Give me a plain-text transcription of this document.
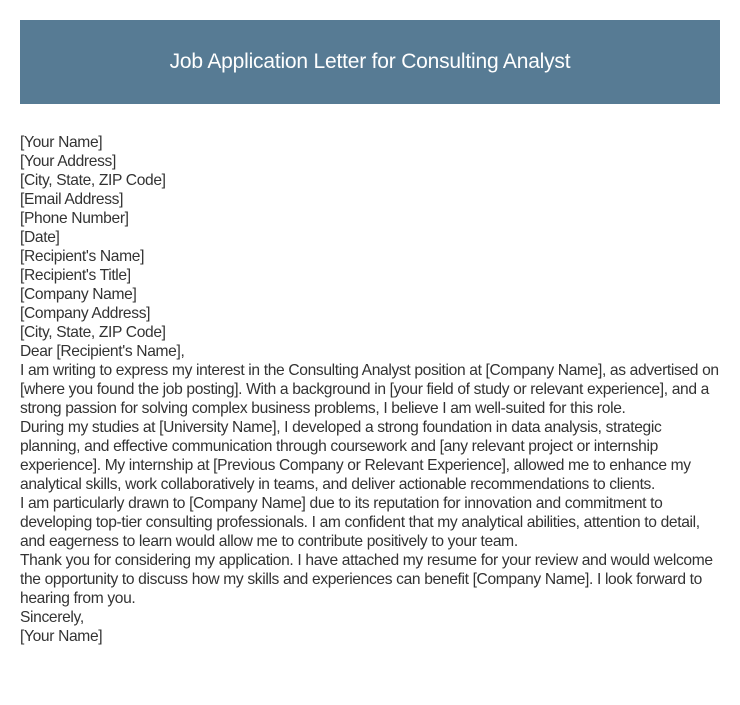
Job Application Letter for Consulting Analyst
[Your Name]
[Your Address]
[City, State, ZIP Code]
[Email Address]
[Phone Number]
[Date]
[Recipient's Name]
[Recipient's Title]
[Company Name]
[Company Address]
[City, State, ZIP Code]
Dear [Recipient's Name],
I am writing to express my interest in the Consulting Analyst position at [Company Name], as advertised on [where you found the job posting]. With a background in [your field of study or relevant experience], and a strong passion for solving complex business problems, I believe I am well-suited for this role.
During my studies at [University Name], I developed a strong foundation in data analysis, strategic planning, and effective communication through coursework and [any relevant project or internship experience]. My internship at [Previous Company or Relevant Experience], allowed me to enhance my analytical skills, work collaboratively in teams, and deliver actionable recommendations to clients.
I am particularly drawn to [Company Name] due to its reputation for innovation and commitment to developing top-tier consulting professionals. I am confident that my analytical abilities, attention to detail, and eagerness to learn would allow me to contribute positively to your team.
Thank you for considering my application. I have attached my resume for your review and would welcome the opportunity to discuss how my skills and experiences can benefit [Company Name]. I look forward to hearing from you.
Sincerely,
[Your Name]
